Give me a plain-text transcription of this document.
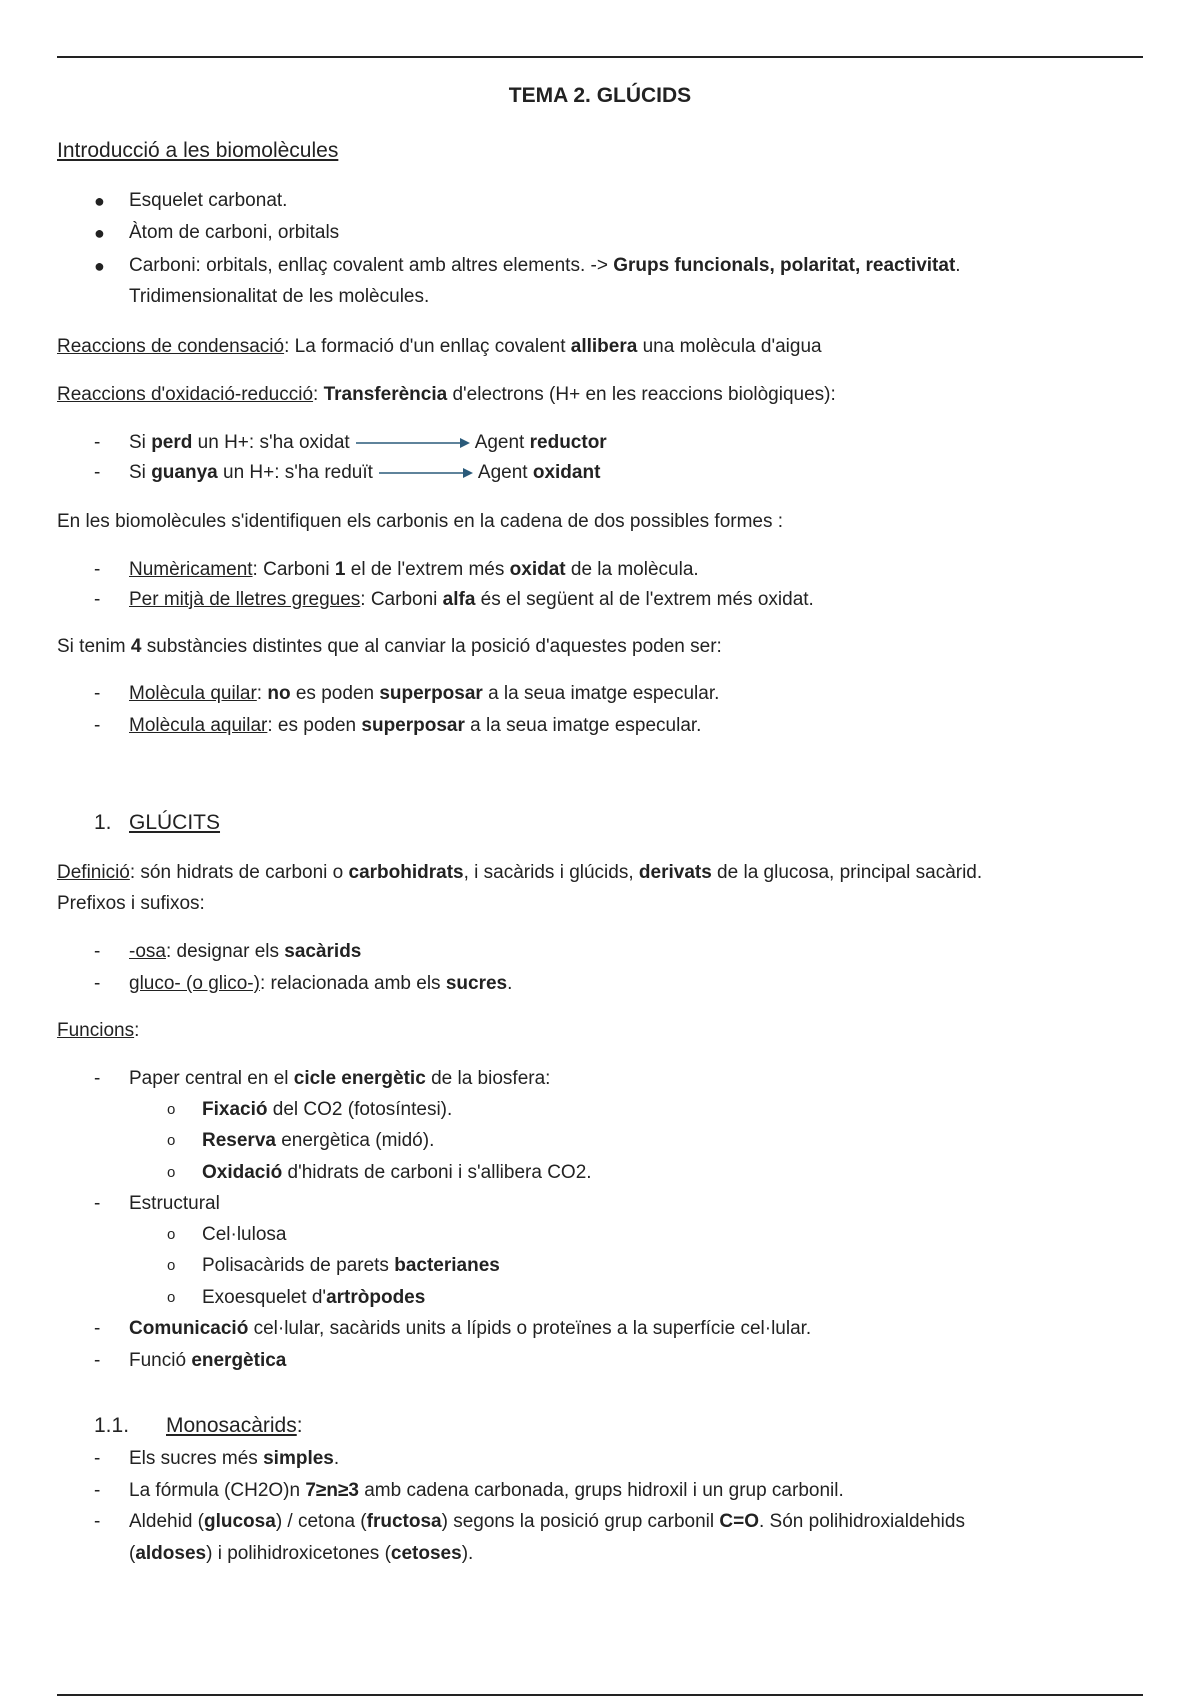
TEMA 2. GLÚCIDS
Introducció a les biomolècules
● Esquelet carbonat.
● Àtom de carboni, orbitals
● Carboni: orbitals, enllaç covalent amb altres elements. -> Grups funcionals, polaritat, reactivitat.
Tridimensionalitat de les molècules.
Reaccions de condensació: La formació d'un enllaç covalent allibera una molècula d'aigua
Reaccions d'oxidació-reducció: Transferència d'electrons (H+ en les reaccions biològiques):
- Si perd un H+: s'ha oxidat	Agent reductor
- Si guanya un H+: s'ha reduït	Agent oxidant
En les biomolècules s'identifiquen els carbonis en la cadena de dos possibles formes :
- Numèricament: Carboni 1 el de l'extrem més oxidat de la molècula.
- Per mitjà de lletres gregues: Carboni alfa és el següent al de l'extrem més oxidat.
Si tenim 4 substàncies distintes que al canviar la posició d'aquestes poden ser:
- Molècula quilar: no es poden superposar a la seua imatge especular.
- Molècula aquilar: es poden superposar a la seua imatge especular.
1. GLÚCITS
Definició: són hidrats de carboni o carbohidrats, i sacàrids i glúcids, derivats de la glucosa, principal sacàrid.
Prefixos i sufixos:
- -osa: designar els sacàrids
- gluco- (o glico-): relacionada amb els sucres.
Funcions:
- Paper central en el cicle energètic de la biosfera:
o Fixació del CO2 (fotosíntesi).
o Reserva energètica (midó).
o Oxidació d'hidrats de carboni i s'allibera CO2.
- Estructural
o Cel·lulosa
o Polisacàrids de parets bacterianes
o Exoesquelet d'artròpodes
- Comunicació cel·lular, sacàrids units a lípids o proteïnes a la superfície cel·lular.
- Funció energètica
1.1. Monosacàrids:
- Els sucres més simples.
- La fórmula (CH2O)n 7≥n≥3 amb cadena carbonada, grups hidroxil i un grup carbonil.
- Aldehid (glucosa) / cetona (fructosa) segons la posició grup carbonil C=O. Són polihidroxialdehids
(aldoses) i polihidroxicetones (cetoses).
